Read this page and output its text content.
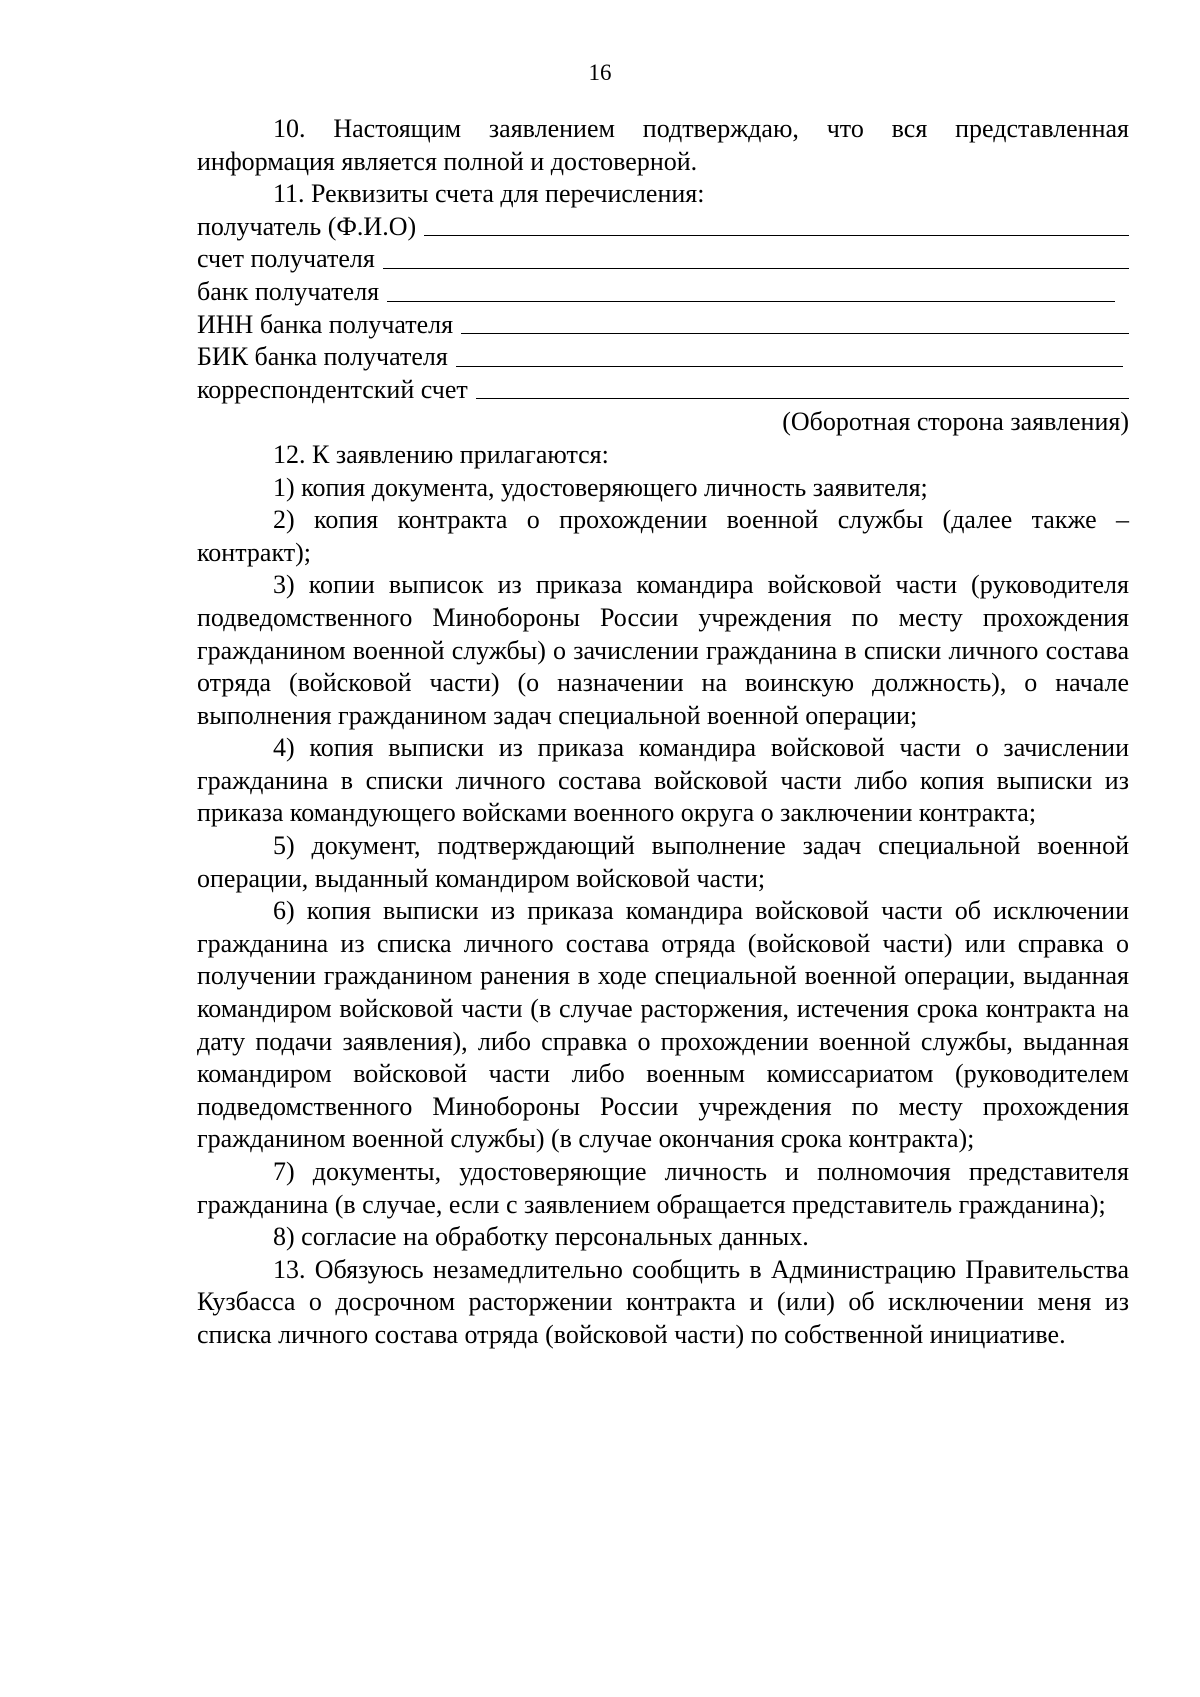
16

10. Настоящим заявлением подтверждаю, что вся представленная информация является полной и достоверной.

11. Реквизиты счета для перечисления:

получатель (Ф.И.О)
счет получателя
банк получателя
ИНН банка получателя
БИК банка получателя
корреспондентский счет

(Оборотная сторона заявления)

12. К заявлению прилагаются:

1) копия документа, удостоверяющего личность заявителя;

2) копия контракта о прохождении военной службы (далее также – контракт);

3) копии выписок из приказа командира войсковой части (руководителя подведомственного Минобороны России учреждения по месту прохождения гражданином военной службы) о зачислении гражданина в списки личного состава отряда (войсковой части) (о назначении на воинскую должность), о начале выполнения гражданином задач специальной военной операции;

4) копия выписки из приказа командира войсковой части о зачислении гражданина в списки личного состава войсковой части либо копия выписки из приказа командующего войсками военного округа о заключении контракта;

5) документ, подтверждающий выполнение задач специальной военной операции, выданный командиром войсковой части;

6) копия выписки из приказа командира войсковой части об исключении гражданина из списка личного состава отряда (войсковой части) или справка о получении гражданином ранения в ходе специальной военной операции, выданная командиром войсковой части (в случае расторжения, истечения срока контракта на дату подачи заявления), либо справка о прохождении военной службы, выданная командиром войсковой части либо военным комиссариатом (руководителем подведомственного Минобороны России учреждения по месту прохождения гражданином военной службы) (в случае окончания срока контракта);

7) документы, удостоверяющие личность и полномочия представителя гражданина (в случае, если с заявлением обращается представитель гражданина);

8) согласие на обработку персональных данных.

13. Обязуюсь незамедлительно сообщить в Администрацию Правительства Кузбасса о досрочном расторжении контракта и (или) об исключении меня из списка личного состава отряда (войсковой части) по собственной инициативе.
